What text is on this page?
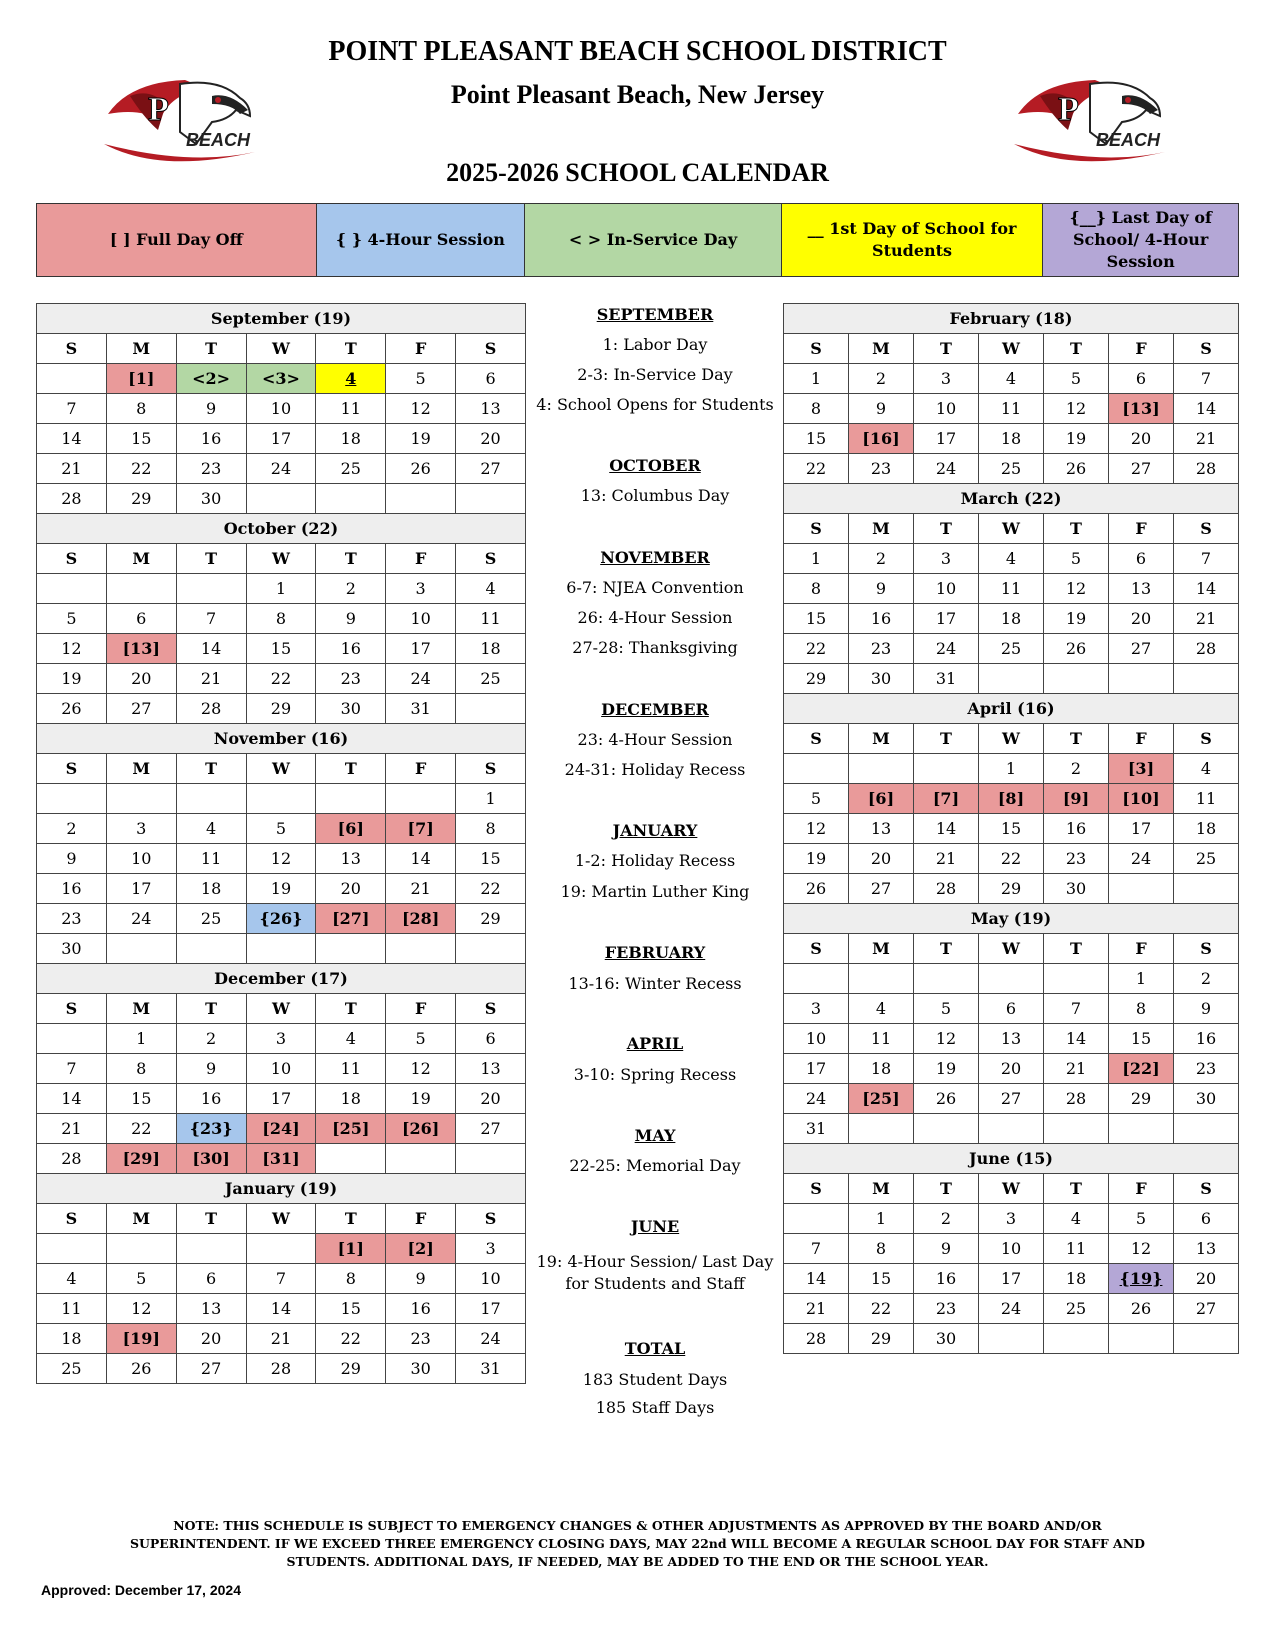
POINT PLEASANT BEACH SCHOOL DISTRICT
Point Pleasant Beach, New Jersey
2025-2026 SCHOOL CALENDAR
P
BEACH
P
BEACH
[ ] Full Day Off	{ } 4-Hour Session	< > In-Service Day
__ 1st Day of School for Students
{__} Last Day of School/ 4-Hour Session
September (19)						
S	M	T	W	T	F	S
	[1]	<2>	<3>	4	5	6
7	8	9	10	11	12	13
14	15	16	17	18	19	20
21	22	23	24	25	26	27
28	29	30				
October (22)						
S	M	T	W	T	F	S
			1	2	3	4
5	6	7	8	9	10	11
12	[13]	14	15	16	17	18
19	20	21	22	23	24	25
26	27	28	29	30	31	
November (16)						
S	M	T	W	T	F	S
						1
2	3	4	5	[6]	[7]	8
9	10	11	12	13	14	15
16	17	18	19	20	21	22
23	24	25	{26}	[27]	[28]	29
30						
December (17)						
S	M	T	W	T	F	S
	1	2	3	4	5	6
7	8	9	10	11	12	13
14	15	16	17	18	19	20
21	22	{23}	[24]	[25]	[26]	27
28	[29]	[30]	[31]			
January (19)						
S	M	T	W	T	F	S
				[1]	[2]	3
4	5	6	7	8	9	10
11	12	13	14	15	16	17
18	[19]	20	21	22	23	24
25	26	27	28	29	30	31
SEPTEMBER
1: Labor Day
2-3: In-Service Day
4: School Opens for Students
OCTOBER
13: Columbus Day
NOVEMBER
6-7: NJEA Convention
26: 4-Hour Session
27-28: Thanksgiving
DECEMBER
23: 4-Hour Session
24-31: Holiday Recess
JANUARY
1-2: Holiday Recess
19: Martin Luther King
FEBRUARY
13-16: Winter Recess
APRIL
3-10: Spring Recess
MAY
22-25: Memorial Day
JUNE
19: 4-Hour Session/ Last Day
for Students and Staff
TOTAL
183 Student Days
185 Staff Days
February (18)						
S	M	T	W	T	F	S
1	2	3	4	5	6	7
8	9	10	11	12	[13]	14
15	[16]	17	18	19	20	21
22	23	24	25	26	27	28
March (22)						
S	M	T	W	T	F	S
1	2	3	4	5	6	7
8	9	10	11	12	13	14
15	16	17	18	19	20	21
22	23	24	25	26	27	28
29	30	31				
April (16)						
S	M	T	W	T	F	S
			1	2	[3]	4
5	[6]	[7]	[8]	[9]	[10]	11
12	13	14	15	16	17	18
19	20	21	22	23	24	25
26	27	28	29	30		
May (19)						
S	M	T	W	T	F	S
					1	2
3	4	5	6	7	8	9
10	11	12	13	14	15	16
17	18	19	20	21	[22]	23
24	[25]	26	27	28	29	30
31						
June (15)						
S	M	T	W	T	F	S
	1	2	3	4	5	6
7	8	9	10	11	12	13
14	15	16	17	18	{19}	20
21	22	23	24	25	26	27
28	29	30				
NOTE: THIS SCHEDULE IS SUBJECT TO EMERGENCY CHANGES & OTHER ADJUSTMENTS AS APPROVED BY THE BOARD AND/OR SUPERINTENDENT. IF WE EXCEED THREE EMERGENCY CLOSING DAYS, MAY 22nd WILL BECOME A REGULAR SCHOOL DAY FOR STAFF AND STUDENTS. ADDITIONAL DAYS, IF NEEDED, MAY BE ADDED TO THE END OR THE SCHOOL YEAR.
Approved: December 17, 2024
